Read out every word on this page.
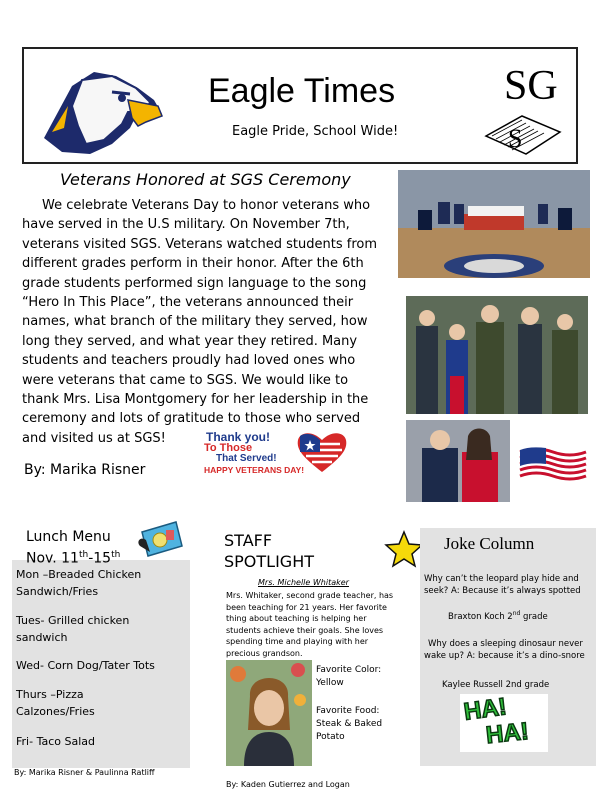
Eagle Times
Eagle Pride, School Wide!
SG
S
Veterans Honored at SGS Ceremony
We celebrate Veterans Day to honor veterans who have served in the U.S military. On November 7th, veterans visited SGS. Veterans watched students from different grades perform in their honor. After the 6th grade students performed sign language to the song “Hero In This Place”, the veterans announced their names, what branch of the military they served, how long they served, and what year they retired. Many students and teachers proudly had loved ones who were veterans that came to SGS. We would like to thank Mrs. Lisa Montgomery for her leadership in the ceremony and lots of gratitude to those who served and visited us at SGS!	Thank you!
To Those
That Served!
HAPPY VETERANS DAY!
By: Marika Risner
Lunch Menu
Nov. 11th-15th
Mon –Breaded Chicken Sandwich/Fries
Tues- Grilled chicken sandwich
Wed- Corn Dog/Tater Tots
Thurs –Pizza Calzones/Fries
Fri- Taco Salad
By: Marika Risner & Paulinna Ratliff
STAFF
SPOTLIGHT
Mrs. Michelle Whitaker
Mrs. Whitaker, second grade teacher, has been teaching for 21 years. Her favorite thing about teaching is helping her students achieve their goals. She loves spending time and playing with her precious grandson.
Favorite Color: Yellow
Favorite Food: Steak & Baked Potato
By: Kaden Gutierrez and Logan
Joke Column
Why can’t the leopard play hide and seek? A: Because it’s always spotted
Braxton Koch 2nd grade
Why does a sleeping dinosaur never wake up? A: because it’s a dino-snore
Kaylee Russell 2nd grade
HA!
HA!
